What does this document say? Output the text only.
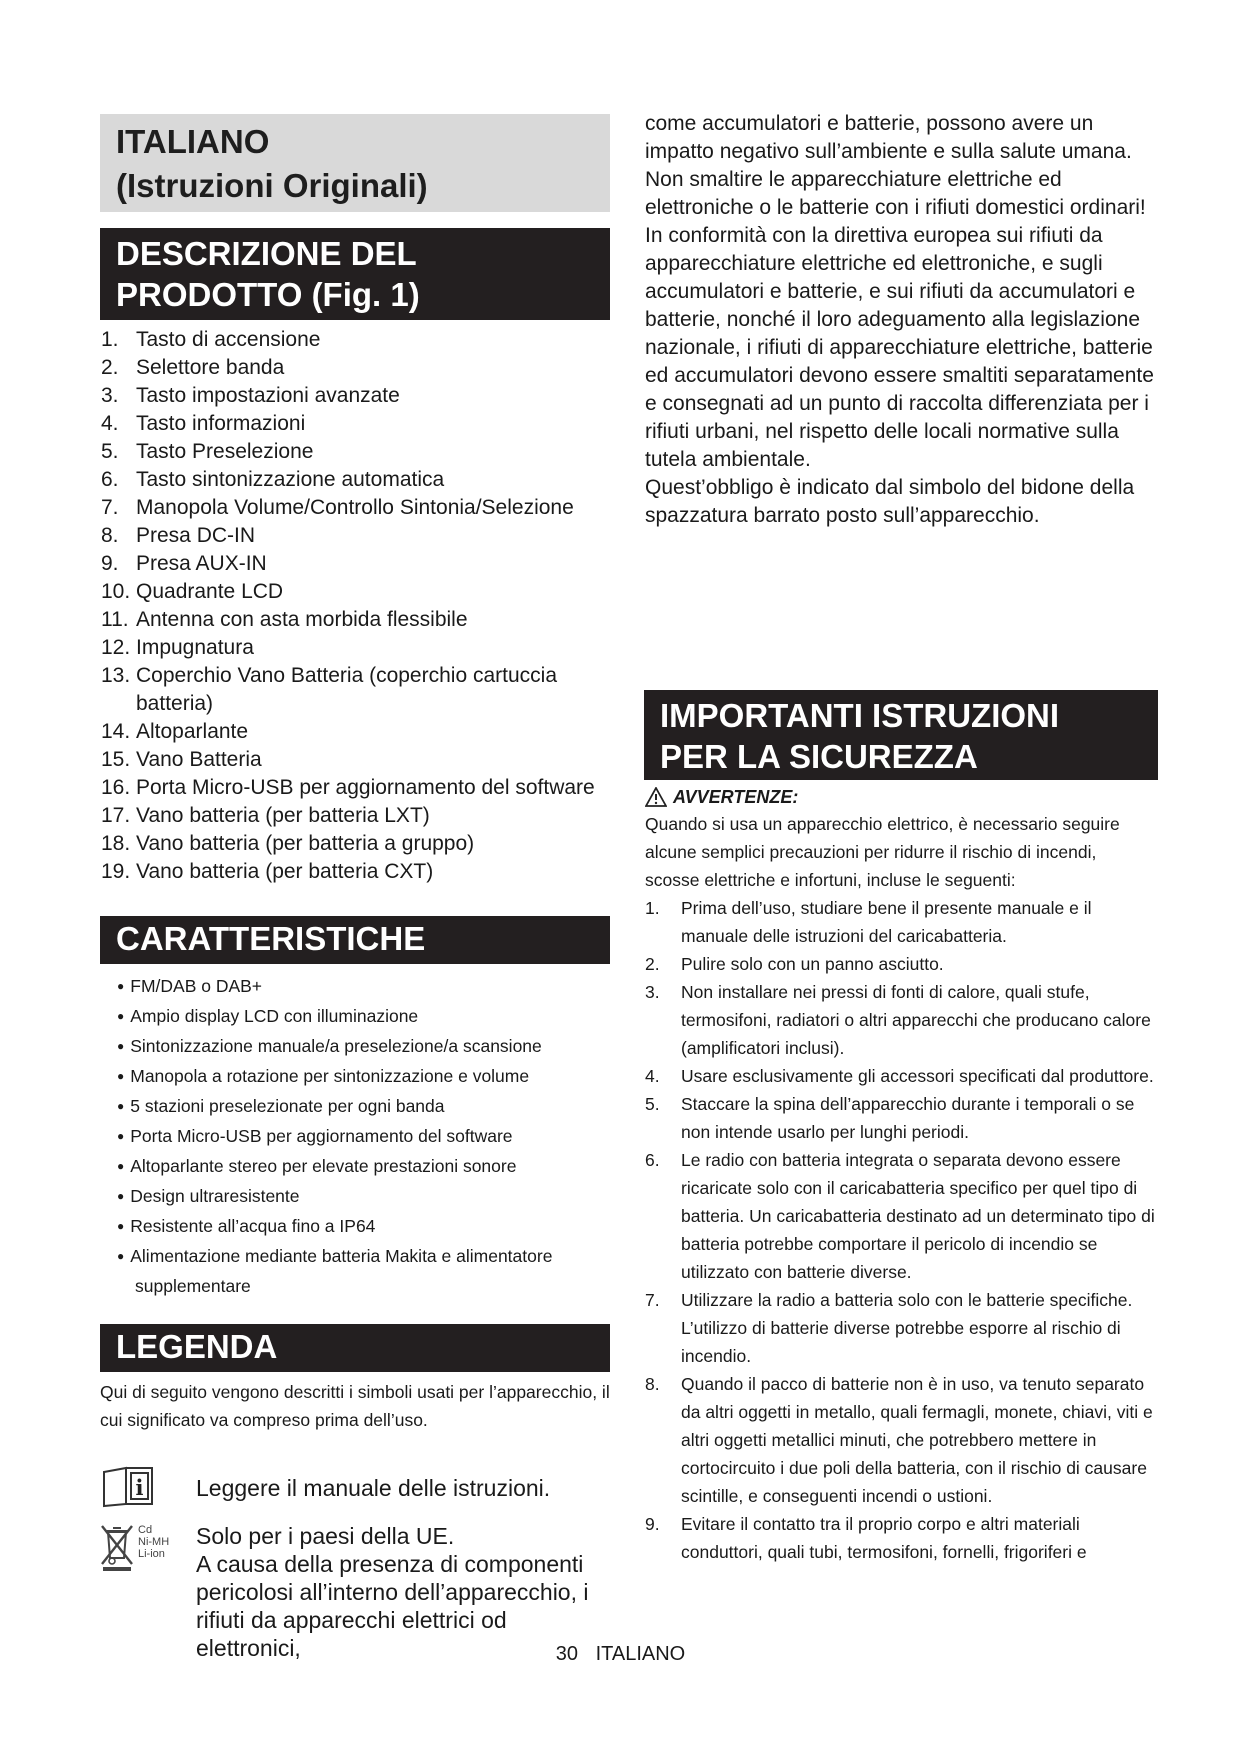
ITALIANO
(Istruzioni Originali)
DESCRIZIONE DEL
PRODOTTO (Fig. 1)
1. Tasto di accensione
2. Selettore banda
3. Tasto impostazioni avanzate
4. Tasto informazioni
5. Tasto Preselezione
6. Tasto sintonizzazione automatica
7. Manopola Volume/Controllo Sintonia/Selezione
8. Presa DC-IN
9. Presa AUX-IN
10. Quadrante LCD
11. Antenna con asta morbida flessibile
12. Impugnatura
13. Coperchio Vano Batteria (coperchio cartuccia batteria)
14. Altoparlante
15. Vano Batteria
16. Porta Micro-USB per aggiornamento del software
17. Vano batteria (per batteria LXT)
18. Vano batteria (per batteria a gruppo)
19. Vano batteria (per batteria CXT)
CARATTERISTICHE
● FM/DAB o DAB+
● Ampio display LCD con illuminazione
● Sintonizzazione manuale/a preselezione/a scansione
● Manopola a rotazione per sintonizzazione e volume
● 5 stazioni preselezionate per ogni banda
● Porta Micro-USB per aggiornamento del software
● Altoparlante stereo per elevate prestazioni sonore
● Design ultraresistente
● Resistente all’acqua fino a IP64
● Alimentazione mediante batteria Makita e alimentatore supplementare
LEGENDA
Qui di seguito vengono descritti i simboli usati per l’apparecchio, il cui significato va compreso prima dell’uso.
i Leggere il manuale delle istruzioni.
Cd
Ni-MH
Li-ion
Solo per i paesi della UE.
A causa della presenza di componenti pericolosi all’interno dell’apparecchio, i rifiuti da apparecchi elettrici od elettronici,

come accumulatori e batterie, possono avere un impatto negativo sull’ambiente e sulla salute umana.

Non smaltire le apparecchiature elettriche ed elettroniche o le batterie con i rifiuti domestici ordinari!

In conformità con la direttiva europea sui rifiuti da apparecchiature elettriche ed elettroniche, e sugli accumulatori e batterie, e sui rifiuti da accumulatori e batterie, nonché il loro adeguamento alla legislazione nazionale, i rifiuti di apparecchiature elettriche, batterie ed accumulatori devono essere smaltiti separatamente e consegnati ad un punto di raccolta differenziata per i rifiuti urbani, nel rispetto delle locali normative sulla tutela ambientale.

Quest’obbligo è indicato dal simbolo del bidone della spazzatura barrato posto sull’apparecchio.

IMPORTANTI ISTRUZIONI
PER LA SICUREZZA
AVVERTENZE:

Quando si usa un apparecchio elettrico, è necessario seguire alcune semplici precauzioni per ridurre il rischio di incendi, scosse elettriche e infortuni, incluse le seguenti:

1. Prima dell’uso, studiare bene il presente manuale e il manuale delle istruzioni del caricabatteria.
2. Pulire solo con un panno asciutto.
3. Non installare nei pressi di fonti di calore, quali stufe, termosifoni, radiatori o altri apparecchi che producano calore (amplificatori inclusi).
4. Usare esclusivamente gli accessori specificati dal produttore.
5. Staccare la spina dell’apparecchio durante i temporali o se non intende usarlo per lunghi periodi.
6. Le radio con batteria integrata o separata devono essere ricaricate solo con il caricabatteria specifico per quel tipo di batteria. Un caricabatteria destinato ad un determinato tipo di batteria potrebbe comportare il pericolo di incendio se utilizzato con batterie diverse.
7. Utilizzare la radio a batteria solo con le batterie specifiche. L’utilizzo di batterie diverse potrebbe esporre al rischio di incendio.
8. Quando il pacco di batterie non è in uso, va tenuto separato da altri oggetti in metallo, quali fermagli, monete, chiavi, viti e altri oggetti metallici minuti, che potrebbero mettere in cortocircuito i due poli della batteria, con il rischio di causare scintille, e conseguenti incendi o ustioni.
9. Evitare il contatto tra il proprio corpo e altri materiali conduttori, quali tubi, termosifoni, fornelli, frigoriferi e
30 ITALIANO
